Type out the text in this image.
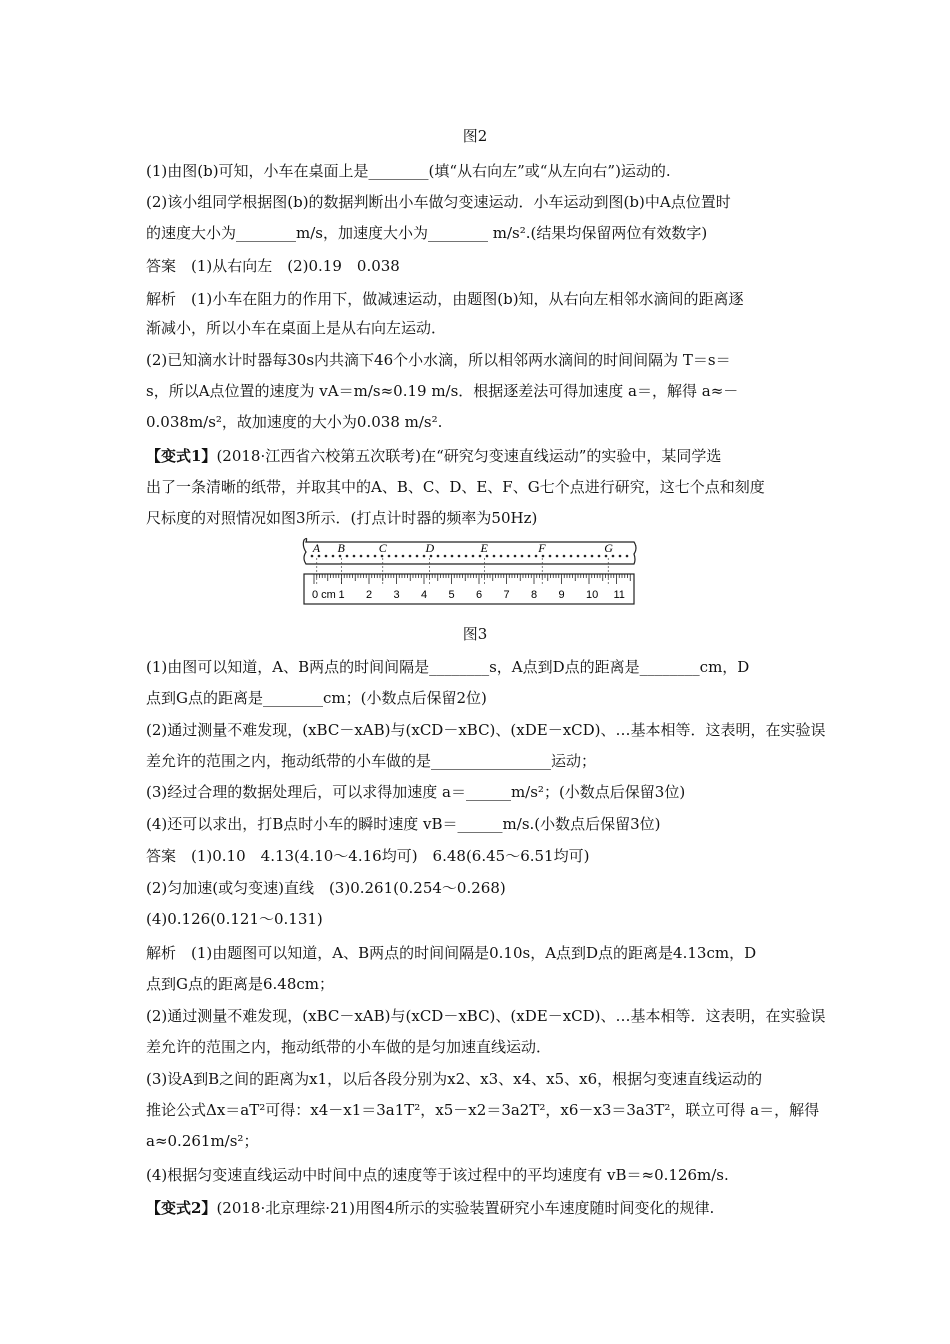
图2
(1)由图(b)可知，小车在桌面上是________(填“从右向左”或“从左向右”)运动的.
(2)该小组同学根据图(b)的数据判断出小车做匀变速运动．小车运动到图(b)中A点位置时
的速度大小为________m/s，加速度大小为________ m/s².(结果均保留两位有效数字)
答案　(1)从右向左　(2)0.19　0.038
解析　(1)小车在阻力的作用下，做减速运动，由题图(b)知，从右向左相邻水滴间的距离逐
渐减小，所以小车在桌面上是从右向左运动．
(2)已知滴水计时器每30s内共滴下46个小水滴，所以相邻两水滴间的时间间隔为 T＝s＝
s，所以A点位置的速度为 vA＝m/s≈0.19 m/s．根据逐差法可得加速度 a＝，解得 a≈－
0.038m/s²，故加速度的大小为0.038 m/s².
【变式1】(2018·江西省六校第五次联考)在“研究匀变速直线运动”的实验中，某同学选
出了一条清晰的纸带，并取其中的A、B、C、D、E、F、G七个点进行研究，这七个点和刻度
尺标度的对照情况如图3所示．(打点计时器的频率为50Hz)
A B	C	D	E	F	G
0 cm 1 2 3 4 5 6 7 8 9 10 11
图3
(1)由图可以知道，A、B两点的时间间隔是________s，A点到D点的距离是________cm，D
点到G点的距离是________cm；(小数点后保留2位)
(2)通过测量不难发现，(xBC－xAB)与(xCD－xBC)、(xDE－xCD)、…基本相等．这表明，在实验误
差允许的范围之内，拖动纸带的小车做的是________________运动；
(3)经过合理的数据处理后，可以求得加速度 a＝______m/s²；(小数点后保留3位)
(4)还可以求出，打B点时小车的瞬时速度 vB＝______m/s.(小数点后保留3位)
答案　(1)0.10　4.13(4.10～4.16均可)　6.48(6.45～6.51均可)
(2)匀加速(或匀变速)直线　(3)0.261(0.254～0.268)
(4)0.126(0.121～0.131)
解析　(1)由题图可以知道，A、B两点的时间间隔是0.10s，A点到D点的距离是4.13cm，D
点到G点的距离是6.48cm；
(2)通过测量不难发现，(xBC－xAB)与(xCD－xBC)、(xDE－xCD)、…基本相等．这表明，在实验误
差允许的范围之内，拖动纸带的小车做的是匀加速直线运动．
(3)设A到B之间的距离为x1，以后各段分别为x2、x3、x4、x5、x6，根据匀变速直线运动的
推论公式Δx＝aT²可得：x4－x1＝3a1T²，x5－x2＝3a2T²，x6－x3＝3a3T²，联立可得 a＝，解得
a≈0.261m/s²；
(4)根据匀变速直线运动中时间中点的速度等于该过程中的平均速度有 vB＝≈0.126m/s.
【变式2】(2018·北京理综·21)用图4所示的实验装置研究小车速度随时间变化的规律.
